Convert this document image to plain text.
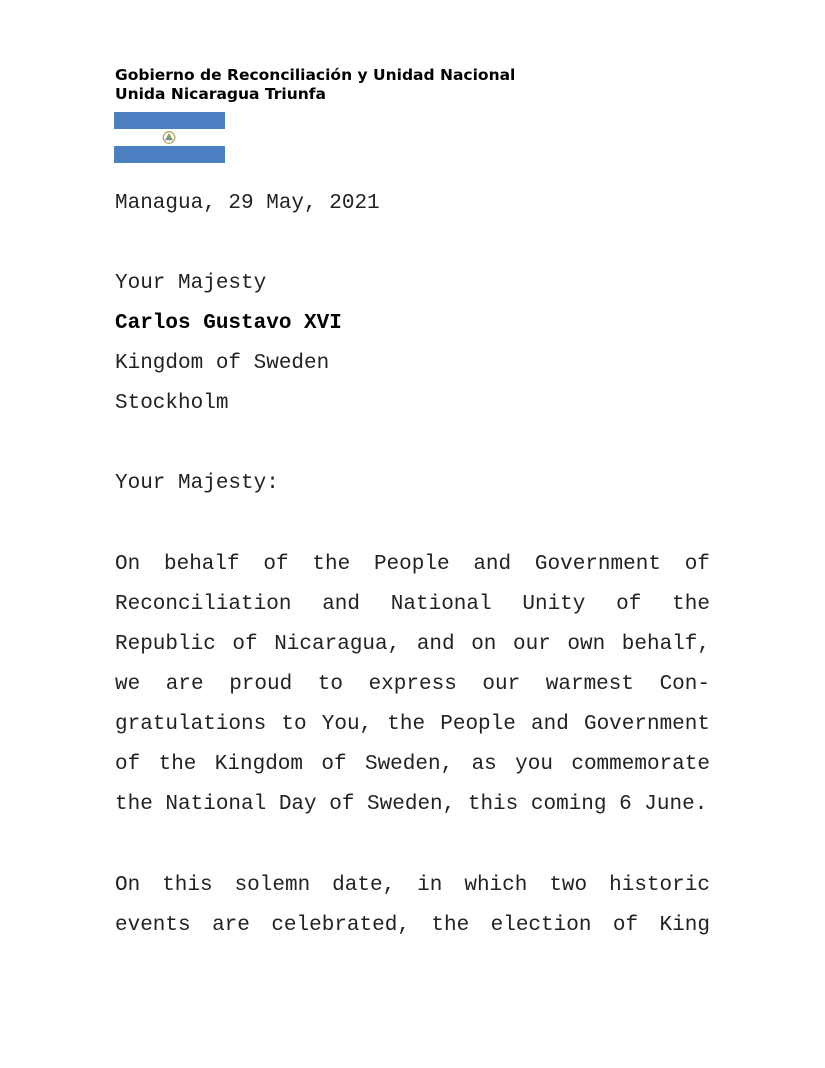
Gobierno de Reconciliación y Unidad Nacional
Unida Nicaragua Triunfa
Managua, 29 May, 2021
Your Majesty
Carlos Gustavo XVI
Kingdom of Sweden
Stockholm
Your Majesty:
On behalf of the People and Government of
Reconciliation and National Unity of the
Republic of Nicaragua, and on our own behalf,
we are proud to express our warmest Con-
gratulations to You, the People and Government
of the Kingdom of Sweden, as you commemorate
the National Day of Sweden, this coming 6 June.
On this solemn date, in which two historic
events are celebrated, the election of King
